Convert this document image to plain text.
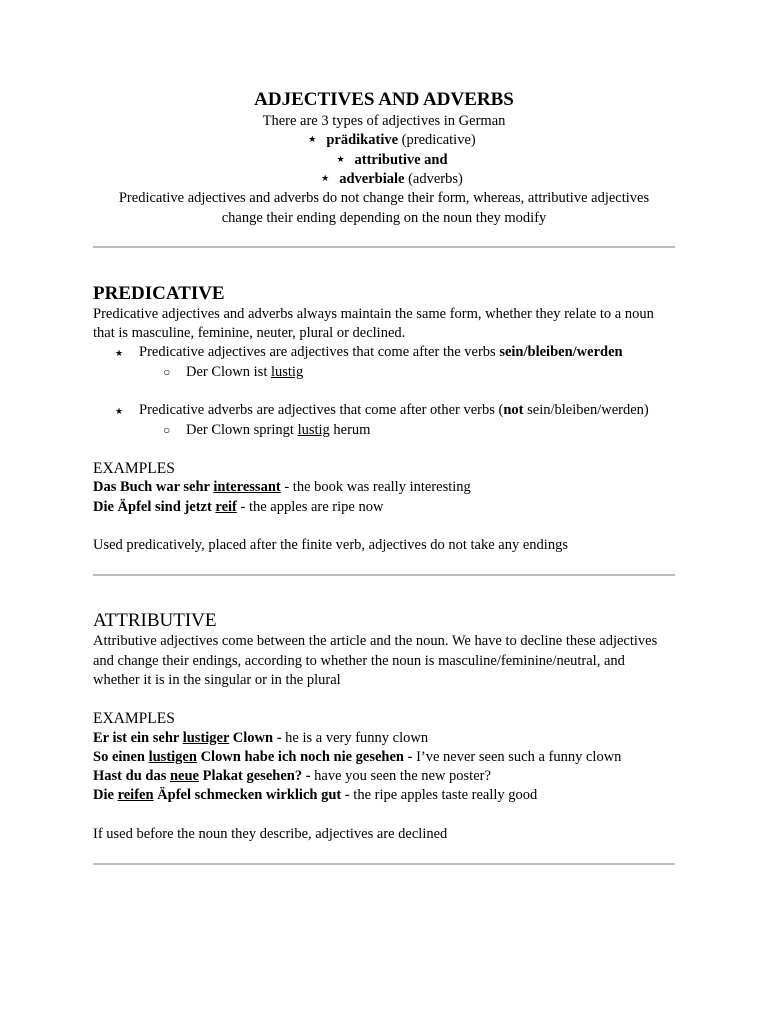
ADJECTIVES AND ADVERBS

There are 3 types of adjectives in German

★ prädikative (predicative)

★ attributive and

★ adverbiale (adverbs)

Predicative adjectives and adverbs do not change their form, whereas, attributive adjectives change their ending depending on the noun they modify

PREDICATIVE

Predicative adjectives and adverbs always maintain the same form, whether they relate to a noun that is masculine, feminine, neuter, plural or declined.

★ Predicative adjectives are adjectives that come after the verbs sein/bleiben/werden
○ Der Clown ist lustig
★ Predicative adverbs are adjectives that come after other verbs (not sein/bleiben/werden)
○ Der Clown springt lustig herum

EXAMPLES

Das Buch war sehr interessant - the book was really interesting

Die Äpfel sind jetzt reif - the apples are ripe now

Used predicatively, placed after the finite verb, adjectives do not take any endings

ATTRIBUTIVE

Attributive adjectives come between the article and the noun. We have to decline these adjectives and change their endings, according to whether the noun is masculine/feminine/neutral, and whether it is in the singular or in the plural

EXAMPLES

Er ist ein sehr lustiger Clown - he is a very funny clown

So einen lustigen Clown habe ich noch nie gesehen - I’ve never seen such a funny clown

Hast du das neue Plakat gesehen? - have you seen the new poster?

Die reifen Äpfel schmecken wirklich gut - the ripe apples taste really good

If used before the noun they describe, adjectives are declined
